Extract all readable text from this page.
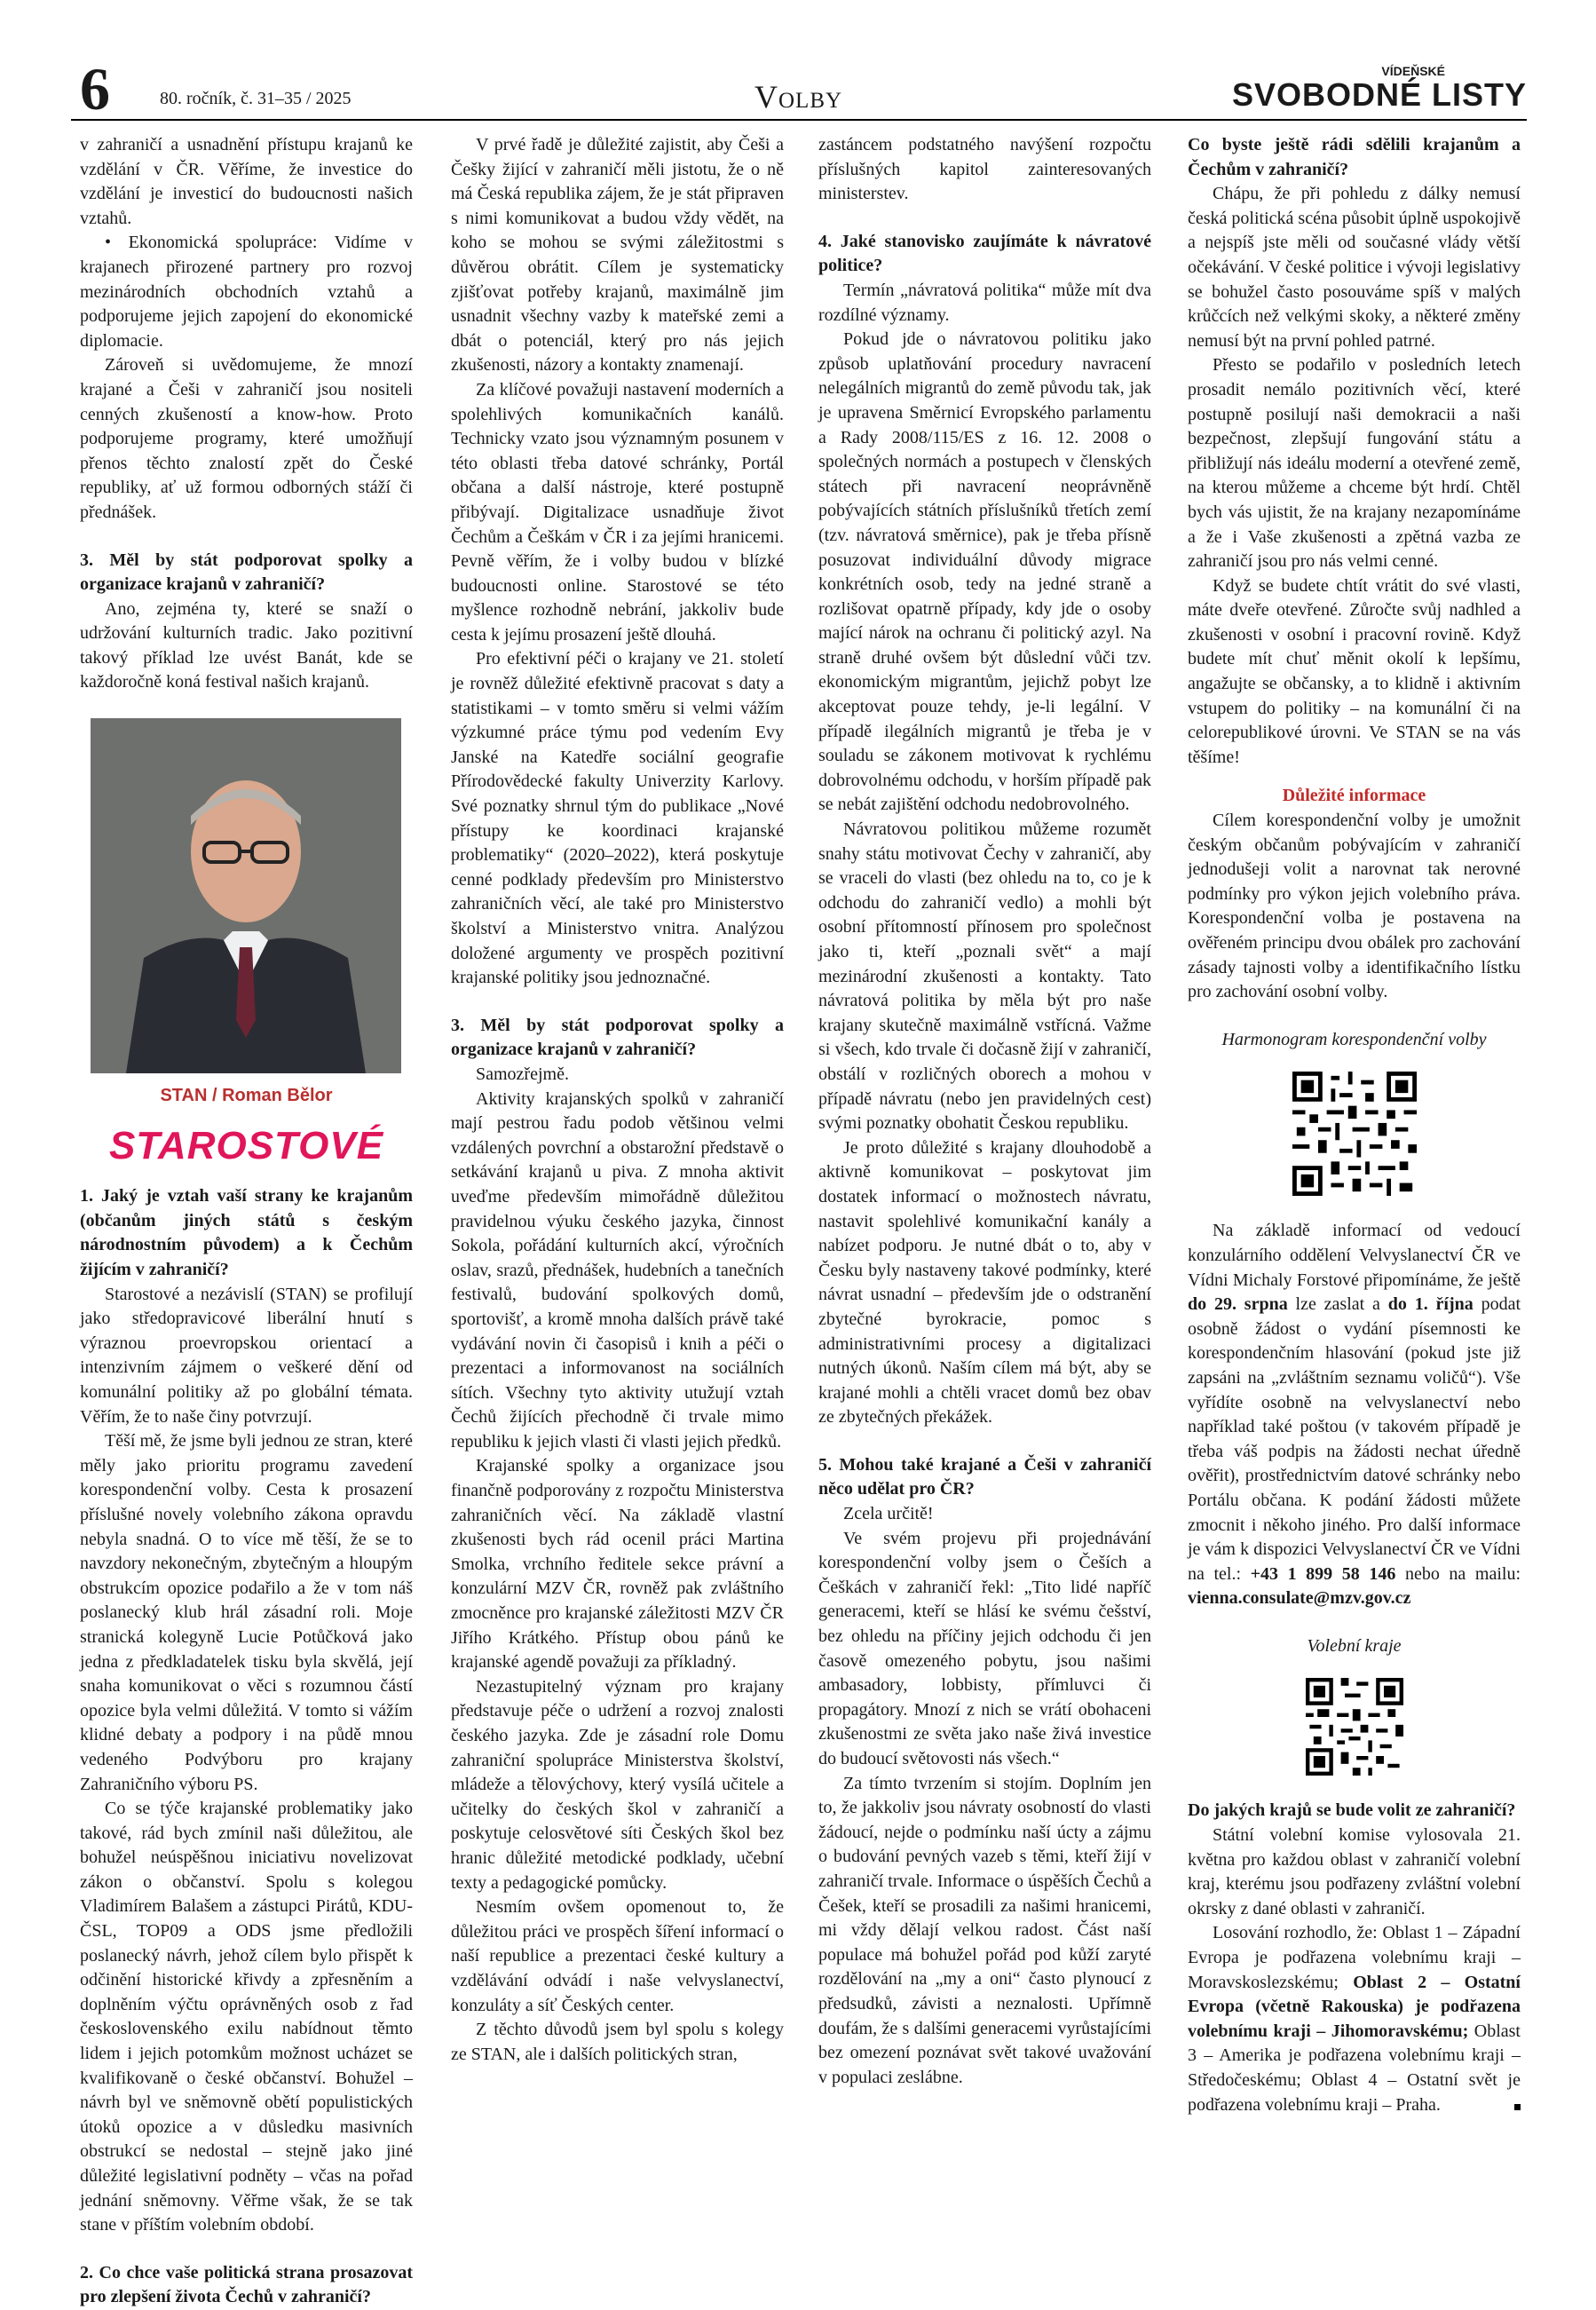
6	80. ročník, č. 31–35 / 2025	Volby
VÍDEŇSKÉ
SVOBODNÉ LISTY

v zahraničí a usnadnění přístupu krajanů ke vzdělání v ČR. Věříme, že investice do vzdělání je investicí do budoucnosti našich vztahů.

• Ekonomická spolupráce: Vidíme v krajanech přirozené partnery pro rozvoj mezinárodních obchodních vztahů a podporujeme jejich zapojení do ekonomické diplomacie.

Zároveň si uvědomujeme, že mnozí krajané a Češi v zahraničí jsou nositeli cenných zkušeností a know-how. Proto podporujeme programy, které umožňují přenos těchto znalostí zpět do České republiky, ať už formou odborných stáží či přednášek.

3. Měl by stát podporovat spolky a organizace krajanů v zahraničí?

Ano, zejména ty, které se snaží o udržování kulturních tradic. Jako pozitivní takový příklad lze uvést Banát, kde se každoročně koná festival našich krajanů.

STAN / Roman Bělor
STAROSTOVÉ

1. Jaký je vztah vaší strany ke krajanům (občanům jiných států s českým národnostním původem) a k Čechům žijícím v zahraničí?

Starostové a nezávislí (STAN) se profilují jako středopravicové liberální hnutí s výraznou proevropskou orientací a intenzivním zájmem o veškeré dění od komunální politiky až po globální témata. Věřím, že to naše činy potvrzují.

Těší mě, že jsme byli jednou ze stran, které měly jako prioritu programu zavedení korespondenční volby. Cesta k prosazení příslušné novely volebního zákona opravdu nebyla snadná. O to více mě těší, že se to navzdory nekonečným, zbytečným a hloupým obstrukcím opozice podařilo a že v tom náš poslanecký klub hrál zásadní roli. Moje stranická kolegyně Lucie Potůčková jako jedna z předkladatelek tisku byla skvělá, její snaha komunikovat o věci s rozumnou částí opozice byla velmi důležitá. V tomto si vážím klidné debaty a podpory i na půdě mnou vedeného Podvýboru pro krajany Zahraničního výboru PS.

Co se týče krajanské problematiky jako takové, rád bych zmínil naši důležitou, ale bohužel neúspěšnou iniciativu novelizovat zákon o občanství. Spolu s kolegou Vladimírem Balašem a zástupci Pirátů, KDU-ČSL, TOP09 a ODS jsme předložili poslanecký návrh, jehož cílem bylo přispět k odčinění historické křivdy a zpřesněním a doplněním výčtu oprávněných osob z řad československého exilu nabídnout těmto lidem i jejich potomkům možnost ucházet se kvalifikovaně o české občanství. Bohužel – návrh byl ve sněmovně obětí populistických útoků opozice a v důsledku masivních obstrukcí se nedostal – stejně jako jiné důležité legislativní podněty – včas na pořad jednání sněmovny. Věřme však, že se tak stane v příštím volebním období.

2. Co chce vaše politická strana prosazovat pro zlepšení života Čechů v zahraničí?

V prvé řadě je důležité zajistit, aby Češi a Češky žijící v zahraničí měli jistotu, že o ně má Česká republika zájem, že je stát připraven s nimi komunikovat a budou vždy vědět, na koho se mohou se svými záležitostmi s důvěrou obrátit. Cílem je systematicky zjišťovat potřeby krajanů, maximálně jim usnadnit všechny vazby k mateřské zemi a dbát o potenciál, který pro nás jejich zkušenosti, názory a kontakty znamenají.

Za klíčové považuji nastavení moderních a spolehlivých komunikačních kanálů. Technicky vzato jsou významným posunem v této oblasti třeba datové schránky, Portál občana a další nástroje, které postupně přibývají. Digitalizace usnadňuje život Čechům a Češkám v ČR i za jejími hranicemi. Pevně věřím, že i volby budou v blízké budoucnosti online. Starostové se této myšlence rozhodně nebrání, jakkoliv bude cesta k jejímu prosazení ještě dlouhá.

Pro efektivní péči o krajany ve 21. století je rovněž důležité efektivně pracovat s daty a statistikami – v tomto směru si velmi vážím výzkumné práce týmu pod vedením Evy Janské na Katedře sociální geografie Přírodovědecké fakulty Univerzity Karlovy. Své poznatky shrnul tým do publikace „Nové přístupy ke koordinaci krajanské problematiky“ (2020–2022), která poskytuje cenné podklady především pro Ministerstvo zahraničních věcí, ale také pro Ministerstvo školství a Ministerstvo vnitra. Analýzou doložené argumenty ve prospěch pozitivní krajanské politiky jsou jednoznačné.

3. Měl by stát podporovat spolky a organizace krajanů v zahraničí?

Samozřejmě.

Aktivity krajanských spolků v zahraničí mají pestrou řadu podob většinou velmi vzdálených povrchní a obstarožní představě o setkávání krajanů u piva. Z mnoha aktivit uveďme především mimořádně důležitou pravidelnou výuku českého jazyka, činnost Sokola, pořádání kulturních akcí, výročních oslav, srazů, přednášek, hudebních a tanečních festivalů, budování spolkových domů, sportovišť, a kromě mnoha dalších právě také vydávání novin či časopisů i knih a péči o prezentaci a informovanost na sociálních sítích. Všechny tyto aktivity utužují vztah Čechů žijících přechodně či trvale mimo republiku k jejich vlasti či vlasti jejich předků.

Krajanské spolky a organizace jsou finančně podporovány z rozpočtu Ministerstva zahraničních věcí. Na základě vlastní zkušenosti bych rád ocenil práci Martina Smolka, vrchního ředitele sekce právní a konzulární MZV ČR, rovněž pak zvláštního zmocněnce pro krajanské záležitosti MZV ČR Jiřího Krátkého. Přístup obou pánů ke krajanské agendě považuji za příkladný.

Nezastupitelný význam pro krajany představuje péče o udržení a rozvoj znalosti českého jazyka. Zde je zásadní role Domu zahraniční spolupráce Ministerstva školství, mládeže a tělovýchovy, který vysílá učitele a učitelky do českých škol v zahraničí a poskytuje celosvětové síti Českých škol bez hranic důležité metodické podklady, učební texty a pedagogické pomůcky.

Nesmím ovšem opomenout to, že důležitou práci ve prospěch šíření informací o naší republice a prezentaci české kultury a vzdělávání odvádí i naše velvyslanectví, konzuláty a síť Českých center.

Z těchto důvodů jsem byl spolu s kolegy ze STAN, ale i dalších politických stran,

zastáncem podstatného navýšení rozpočtu příslušných kapitol zainteresovaných ministerstev.

4. Jaké stanovisko zaujímáte k návratové politice?

Termín „návratová politika“ může mít dva rozdílné významy.

Pokud jde o návratovou politiku jako způsob uplatňování procedury navracení nelegálních migrantů do země původu tak, jak je upravena Směrnicí Evropského parlamentu a Rady 2008/115/ES z 16. 12. 2008 o společných normách a postupech v členských státech při navracení neoprávněně pobývajících státních příslušníků třetích zemí (tzv. návratová směrnice), pak je třeba přísně posuzovat individuální důvody migrace konkrétních osob, tedy na jedné straně a rozlišovat opatrně případy, kdy jde o osoby mající nárok na ochranu či politický azyl. Na straně druhé ovšem být důslední vůči tzv. ekonomickým migrantům, jejichž pobyt lze akceptovat pouze tehdy, je-li legální. V případě ilegálních migrantů je třeba je v souladu se zákonem motivovat k rychlému dobrovolnému odchodu, v horším případě pak se nebát zajištění odchodu nedobrovolného.

Návratovou politikou můžeme rozumět snahy státu motivovat Čechy v zahraničí, aby se vraceli do vlasti (bez ohledu na to, co je k odchodu do zahraničí vedlo) a mohli být osobní přítomností přínosem pro společnost jako ti, kteří „poznali svět“ a mají mezinárodní zkušenosti a kontakty. Tato návratová politika by měla být pro naše krajany skutečně maximálně vstřícná. Važme si všech, kdo trvale či dočasně žijí v zahraničí, obstálí v rozličných oborech a mohou v případě návratu (nebo jen pravidelných cest) svými poznatky obohatit Českou republiku.

Je proto důležité s krajany dlouhodobě a aktivně komunikovat – poskytovat jim dostatek informací o možnostech návratu, nastavit spolehlivé komunikační kanály a nabízet podporu. Je nutné dbát o to, aby v Česku byly nastaveny takové podmínky, které návrat usnadní – především jde o odstranění zbytečné byrokracie, pomoc s administrativními procesy a digitalizaci nutných úkonů. Naším cílem má být, aby se krajané mohli a chtěli vracet domů bez obav ze zbytečných překážek.

5. Mohou také krajané a Češi v zahraničí něco udělat pro ČR?

Zcela určitě!

Ve svém projevu při projednávání korespondenční volby jsem o Češích a Češkách v zahraničí řekl: „Tito lidé napříč generacemi, kteří se hlásí ke svému češství, bez ohledu na příčiny jejich odchodu či jen časově omezeného pobytu, jsou našimi ambasadory, lobbisty, přímluvci či propagátory. Mnozí z nich se vrátí obohaceni zkušenostmi ze světa jako naše živá investice do budoucí světovosti nás všech.“

Za tímto tvrzením si stojím. Doplním jen to, že jakkoliv jsou návraty osobností do vlasti žádoucí, nejde o podmínku naší úcty a zájmu o budování pevných vazeb s těmi, kteří žijí v zahraničí trvale. Informace o úspěších Čechů a Češek, kteří se prosadili za našimi hranicemi, mi vždy dělají velkou radost. Část naší populace má bohužel pořád pod kůží zaryté rozdělování na „my a oni“ často plynoucí z předsudků, závisti a neznalosti. Upřímně doufám, že s dalšími generacemi vyrůstajícími bez omezení poznávat svět takové uvažování v populaci zeslábne.

Co byste ještě rádi sdělili krajanům a Čechům v zahraničí?

Chápu, že při pohledu z dálky nemusí česká politická scéna působit úplně uspokojivě a nejspíš jste měli od současné vlády větší očekávání. V české politice i vývoji legislativy se bohužel často posouváme spíš v malých krůčcích než velkými skoky, a některé změny nemusí být na první pohled patrné.

Přesto se podařilo v posledních letech prosadit nemálo pozitivních věcí, které postupně posilují naši demokracii a naši bezpečnost, zlepšují fungování státu a přibližují nás ideálu moderní a otevřené země, na kterou můžeme a chceme být hrdí. Chtěl bych vás ujistit, že na krajany nezapomínáme a že i Vaše zkušenosti a zpětná vazba ze zahraničí jsou pro nás velmi cenné.

Když se budete chtít vrátit do své vlasti, máte dveře otevřené. Zůročte svůj nadhled a zkušenosti v osobní i pracovní rovině. Když budete mít chuť měnit okolí k lepšímu, angažujte se občansky, a to klidně i aktivním vstupem do politiky – na komunální či na celorepublikové úrovni. Ve STAN se na vás těšíme!

Důležité informace

Cílem korespondenční volby je umožnit českým občanům pobývajícím v zahraničí jednodušeji volit a narovnat tak nerovné podmínky pro výkon jejich volebního práva. Korespondenční volba je postavena na ověřeném principu dvou obálek pro zachování zásady tajnosti volby a identifikačního lístku pro zachování osobní volby.

Harmonogram korespondenční volby

Na základě informací od vedoucí konzulárního oddělení Velvyslanectví ČR ve Vídni Michaly Forstové připomínáme, že ještě do 29. srpna lze zaslat a do 1. října podat osobně žádost o vydání písemnosti ke korespondenčním hlasování (pokud jste již zapsáni na „zvláštním seznamu voličů“). Vše vyřídíte osobně na velvyslanectví nebo například také poštou (v takovém případě je třeba váš podpis na žádosti nechat úředně ověřit), prostřednictvím datové schránky nebo Portálu občana. K podání žádosti můžete zmocnit i někoho jiného. Pro další informace je vám k dispozici Velvyslanectví ČR ve Vídni na tel.: +43 1 899 58 146 nebo na mailu: vienna.consulate@mzv.gov.cz

Volební kraje

Do jakých krajů se bude volit ze zahraničí?

Státní volební komise vylosovala 21. května pro každou oblast v zahraničí volební kraj, kterému jsou podřazeny zvláštní volební okrsky z dané oblasti v zahraničí.

Losování rozhodlo, že: Oblast 1 – Západní Evropa je podřazena volebnímu kraji – Moravskoslezskému; Oblast 2 – Ostatní Evropa (včetně Rakouska) je podřazena volebnímu kraji – Jihomoravskému; Oblast 3 – Amerika je podřazena volebnímu kraji – Středočeskému; Oblast 4 – Ostatní svět je podřazena volebnímu kraji – Praha.
